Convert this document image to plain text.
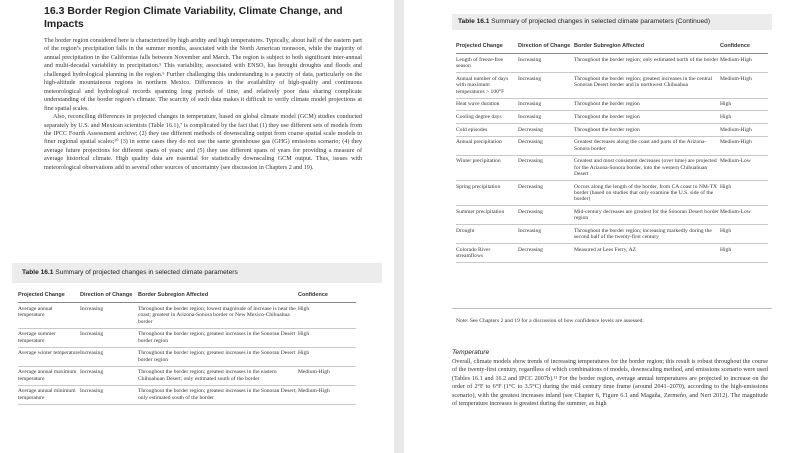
16.3 Border Region Climate Variability, Climate Change, and Impacts

The border region considered here is characterized by high aridity and high temperatures. Typically, about half of the eastern part of the region’s precipitation falls in the summer months, associated with the North American monsoon, while the majority of annual precipitation in the Californias falls between November and March. The region is subject to both significant inter-annual and multi-decadal variability in precipitation.⁵ This variability, associated with ENSO, has brought droughts and floods and challenged hydrological planning in the region.⁶ Further challenging this understanding is a paucity of data, particularly on the high-altitude mountainous regions in northern Mexico. Differences in the availability of high-quality and continuous meteorological and hydrological records spanning long periods of time, and relatively poor data sharing complicate understanding of the border region’s climate. The scarcity of such data makes it difficult to verify climate model projections at fine spatial scales.

Also, reconciling differences in projected changes in temperature, based on global climate model (GCM) studies conducted separately by U.S. and Mexican scientists (Table 16.1),⁷ is complicated by the fact that (1) they use different sets of models from the IPCC Fourth Assessment archive; (2) they use different methods of downscaling output from coarse spatial scale models to finer regional spatial scales;¹⁰ (3) in some cases they do not use the same greenhouse gas (GHG) emissions scenario; (4) they average future projections for different spans of years; and (5) they use different spans of years for providing a measure of average historical climate. High quality data are essential for statistically downscaling GCM output. Thus, issues with meteorological observations add to several other sources of uncertainty (see discussion in Chapters 2 and 19).

Table 16.1 Summary of projected changes in selected climate parameters
Projected Change	Direction of Change	Border Subregion Affected	Confidence
Average annual temperature	Increasing	Throughout the border region; lowest magnitude of increase is near the coast; greatest in Arizona-Sonora border or New Mexico-Chihuahua border	High
Average summer temperature	Increasing	Throughout the border region; greatest increases in the Sonoran Desert border region	High
Average winter temperature	Increasing	Throughout the border region; greatest increases in the Sonoran Desert border region	High
Average annual maximum temperature	Increasing	Throughout the border region; greatest increases in the eastern Chihuahuan Desert; only estimated south of the border	Medium-High
Average annual minimum temperature	Increasing	Throughout the border region; greatest increases in the Sonoran Desert; only estimated south of the border	Medium-High
Table 16.1 Summary of projected changes in selected climate parameters (Continued)
Projected Change	Direction of Change	Border Subregion Affected	Confidence
Length of freeze-free season	Increasing	Throughout the border region; only estimated north of the border	Medium-High
Annual number of days with maximum temperatures > 100°F	Increasing	Throughout the border region; greatest increases in the central Sonoran Desert border and in northwest Chihuahua	Medium-High
Heat wave duration	Increasing	Throughout the border region	High
Cooling degree days	Increasing	Throughout the border region	High
Cold episodes	Decreasing	Throughout the border region	Medium-High
Annual precipitation	Decreasing	Greatest decreases along the coast and parts of the Arizona-Sonora border	Medium-High
Winter precipitation	Decreasing	Greatest and most consistent decreases (over time) are projected for the Arizona-Sonora border, into the western Chihuahuan Desert	Medium-Low
Spring precipitation	Decreasing	Occurs along the length of the border, from CA coast to NM-TX border (based on studies that only examine the U.S. side of the border)	High
Summer precipitation	Decreasing	Mid-century decreases are greatest for the Sonoran Desert border region	Medium-Low
Drought	Increasing	Throughout the border region; increasing markedly during the second half of the twenty-first century	High
Colorado River streamflows	Decreasing	Measured at Lees Ferry, AZ	High
Note: See Chapters 2 and 19 for a discussion of how confidence levels are assessed.
Temperature

Overall, climate models show trends of increasing temperatures for the border region; this result is robust throughout the course of the twenty-first century, regardless of which combinations of models, downscaling method, and emissions scenario were used (Tables 16.1 and 16.2 and IPCC 2007b).¹¹ For the border region, average annual temperatures are projected to increase on the order of 2°F to 6°F (1°C to 3.5°C) during the mid century time frame (around 2041–2070), according to the high-emissions scenario), with the greatest increases inland (see Chapter 6, Figure 6.1 and Magaña, Zermeño, and Neri 2012). The magnitude of temperature increases is greatest during the summer, as high
